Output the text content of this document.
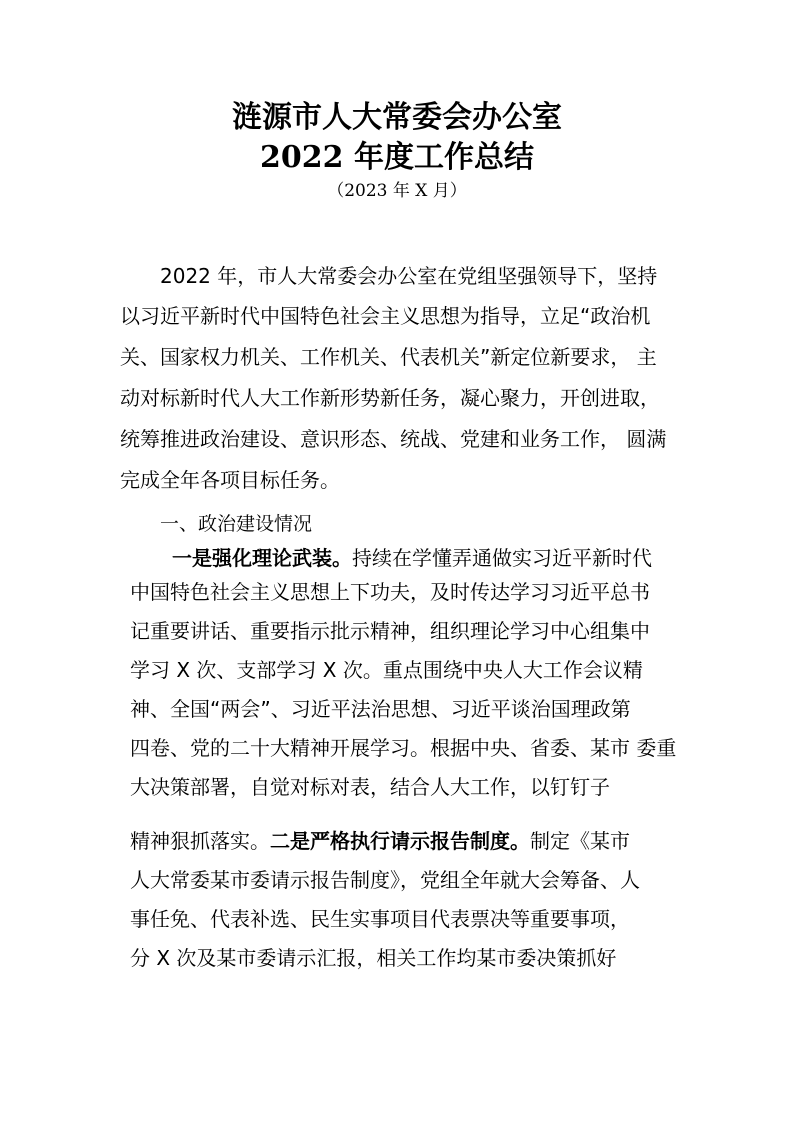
涟源市人大常委会办公室
2022 年度工作总结
（2023 年 X 月）
2022 年，市人大常委会办公室在党组坚强领导下，坚持
以习近平新时代中国特色社会主义思想为指导，立足“政治机
关、国家权力机关、工作机关、代表机关”新定位新要求， 主
动对标新时代人大工作新形势新任务，凝心聚力，开创进取，
统筹推进政治建设、意识形态、统战、党建和业务工作， 圆满
完成全年各项目标任务。
一、政治建设情况
一是强化理论武装。持续在学懂弄通做实习近平新时代
中国特色社会主义思想上下功夫，及时传达学习习近平总书
记重要讲话、重要指示批示精神，组织理论学习中心组集中
学习 X 次、支部学习 X 次。重点围绕中央人大工作会议精
神、全国“两会”、习近平法治思想、习近平谈治国理政第
四卷、党的二十大精神开展学习。根据中央、省委、某市 委重
大决策部署，自觉对标对表，结合人大工作，以钉钉子
精神狠抓落实。二是严格执行请示报告制度。制定《某市
人大常委某市委请示报告制度》，党组全年就大会筹备、人
事任免、代表补选、民生实事项目代表票决等重要事项，
分 X 次及某市委请示汇报，相关工作均某市委决策抓好
